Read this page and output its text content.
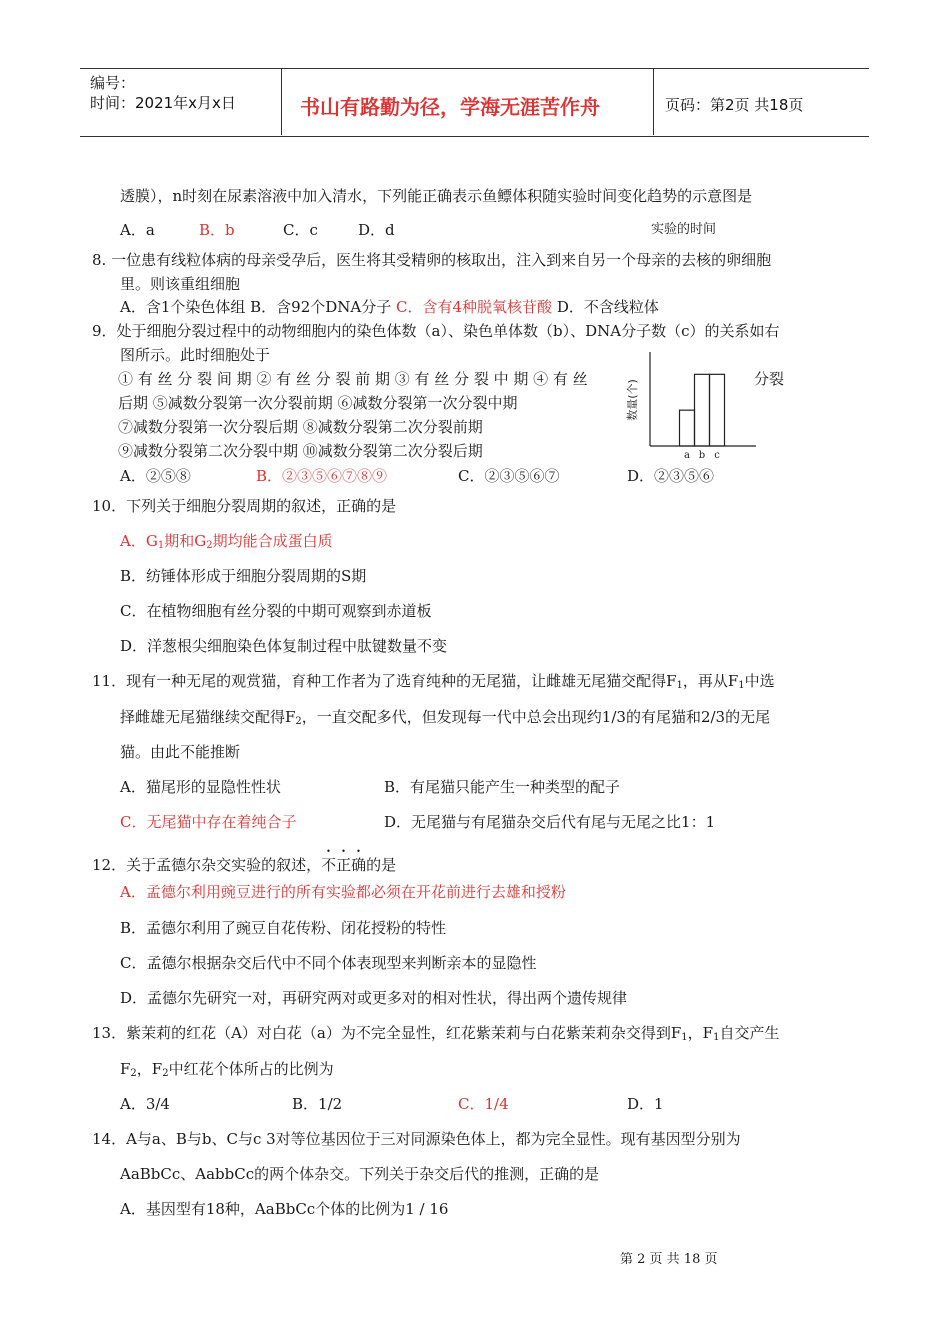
编号：
时间：2021年x月x日	书山有路勤为径，学海无涯苦作舟	页码：第2页 共18页
透膜），n时刻在尿素溶液中加入清水，下列能正确表示鱼鳔体积随实验时间变化趋势的示意图是
A．a	B．b	C．c	D．d	实验的时间
8. 一位患有线粒体病的母亲受孕后，医生将其受精卵的核取出，注入到来自另一个母亲的去核的卵细胞
里。则该重组细胞
A．含1个染色体组 B．含92个DNA分子 C．含有4种脱氧核苷酸 D．不含线粒体
9．处于细胞分裂过程中的动物细胞内的染色体数（a）、染色单体数（b）、DNA分子数（c）的关系如右
图所示。此时细胞处于
① 有 丝 分 裂 间 期 ② 有 丝 分 裂 前 期 ③ 有 丝 分 裂 中 期 ④ 有 丝	分裂
后期 ⑤减数分裂第一次分裂前期 ⑥减数分裂第一次分裂中期
⑦减数分裂第一次分裂后期 ⑧减数分裂第二次分裂前期
⑨减数分裂第二次分裂中期 ⑩减数分裂第二次分裂后期
A．②⑤⑧	B．②③⑤⑥⑦⑧⑨	C．②③⑤⑥⑦	D．②③⑤⑥
数量(个)
a b c
10．下列关于细胞分裂周期的叙述，正确的是
A．$G_1$期和$G_2$期均能合成蛋白质
B．纺锤体形成于细胞分裂周期的S期
C．在植物细胞有丝分裂的中期可观察到赤道板
D．洋葱根尖细胞染色体复制过程中肽键数量不变
11．现有一种无尾的观赏猫，育种工作者为了选育纯种的无尾猫，让雌雄无尾猫交配得$F_1$，再从$F_1$中选
择雌雄无尾猫继续交配得$F_2$，一直交配多代，但发现每一代中总会出现约1/3的有尾猫和2/3的无尾
猫。由此不能推断
A．猫尾形的显隐性性状	B．有尾猫只能产生一种类型的配子
C．无尾猫中存在着纯合子	D．无尾猫与有尾猫杂交后代有尾与无尾之比1：1
12．关于孟德尔杂交实验的叙述，不正确的是
A．孟德尔利用豌豆进行的所有实验都必须在开花前进行去雄和授粉
B．孟德尔利用了豌豆自花传粉、闭花授粉的特性
C．孟德尔根据杂交后代中不同个体表现型来判断亲本的显隐性
D．孟德尔先研究一对，再研究两对或更多对的相对性状，得出两个遗传规律
13．紫茉莉的红花（A）对白花（a）为不完全显性，红花紫茉莉与白花紫茉莉杂交得到$F_1$，$F_1$自交产生
$F_2$，$F_2$中红花个体所占的比例为
A．3/4	B．1/2	C．1/4	D．1
14．A与a、B与b、C与c 3对等位基因位于三对同源染色体上，都为完全显性。现有基因型分别为
AaBbCc、AabbCc的两个体杂交。下列关于杂交后代的推测，正确的是
A．基因型有18种，AaBbCc个体的比例为1 / 16
第 2 页 共 18 页
